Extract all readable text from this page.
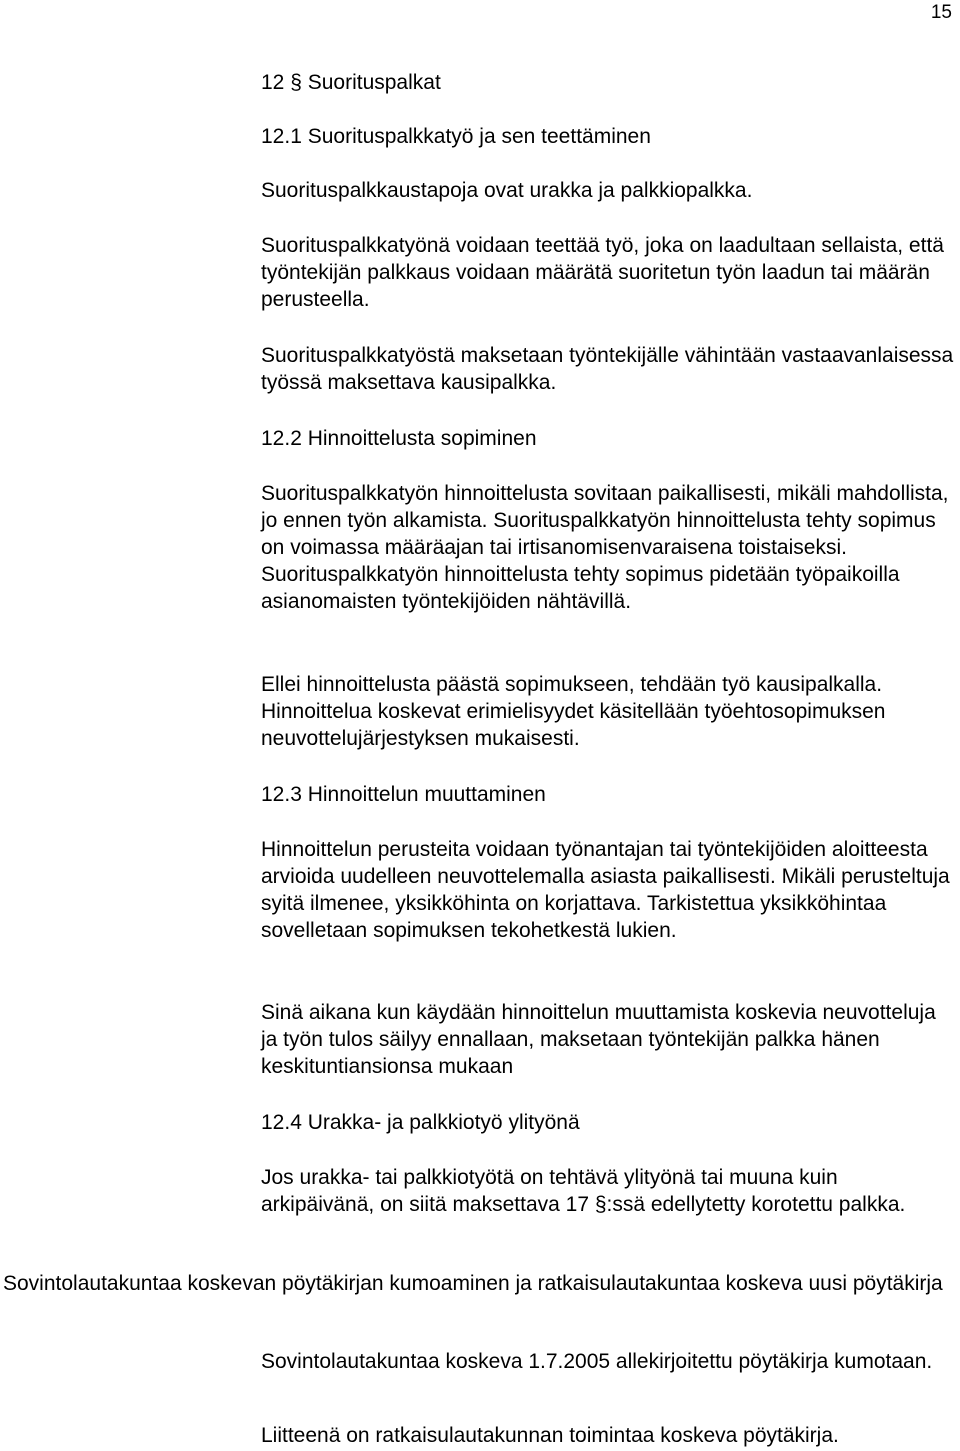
15

12 § Suorituspalkat

12.1 Suorituspalkkatyö ja sen teettäminen

Suorituspalkkaustapoja ovat urakka ja palkkiopalkka.

Suorituspalkkatyönä voidaan teettää työ, joka on laadultaan sellaista, että työntekijän palkkaus voidaan määrätä suoritetun työn laadun tai määrän perusteella.

Suorituspalkkatyöstä maksetaan työntekijälle vähintään vastaavanlaisessa työssä maksettava kausipalkka.

12.2 Hinnoittelusta sopiminen

Suorituspalkkatyön hinnoittelusta sovitaan paikallisesti, mikäli mahdollista, jo ennen työn alkamista. Suorituspalkkatyön hinnoittelusta tehty sopimus on voimassa määräajan tai irtisanomisenvaraisena toistaiseksi. Suorituspalkkatyön hinnoittelusta tehty sopimus pidetään työpaikoilla asianomaisten työntekijöiden nähtävillä.

Ellei hinnoittelusta päästä sopimukseen, tehdään työ kausipalkalla. Hinnoittelua koskevat erimielisyydet käsitellään työehtosopimuksen neuvottelujärjestyksen mukaisesti.

12.3 Hinnoittelun muuttaminen

Hinnoittelun perusteita voidaan työnantajan tai työntekijöiden aloitteesta arvioida uudelleen neuvottelemalla asiasta paikallisesti. Mikäli perusteltuja syitä ilmenee, yksikköhinta on korjattava. Tarkistettua yksikköhintaa sovelletaan sopimuksen tekohetkestä lukien.

Sinä aikana kun käydään hinnoittelun muuttamista koskevia neuvotteluja ja työn tulos säilyy ennallaan, maksetaan työntekijän palkka hänen keskituntiansionsa mukaan

12.4 Urakka- ja palkkiotyö ylityönä

Jos urakka- tai palkkiotyötä on tehtävä ylityönä tai muuna kuin arkipäivänä, on siitä maksettava 17 §:ssä edellytetty korotettu palkka.

Sovintolautakuntaa koskevan pöytäkirjan kumoaminen ja ratkaisulautakuntaa koskeva uusi pöytäkirja

Sovintolautakuntaa koskeva 1.7.2005 allekirjoitettu pöytäkirja kumotaan.

Liitteenä on ratkaisulautakunnan toimintaa koskeva pöytäkirja.
